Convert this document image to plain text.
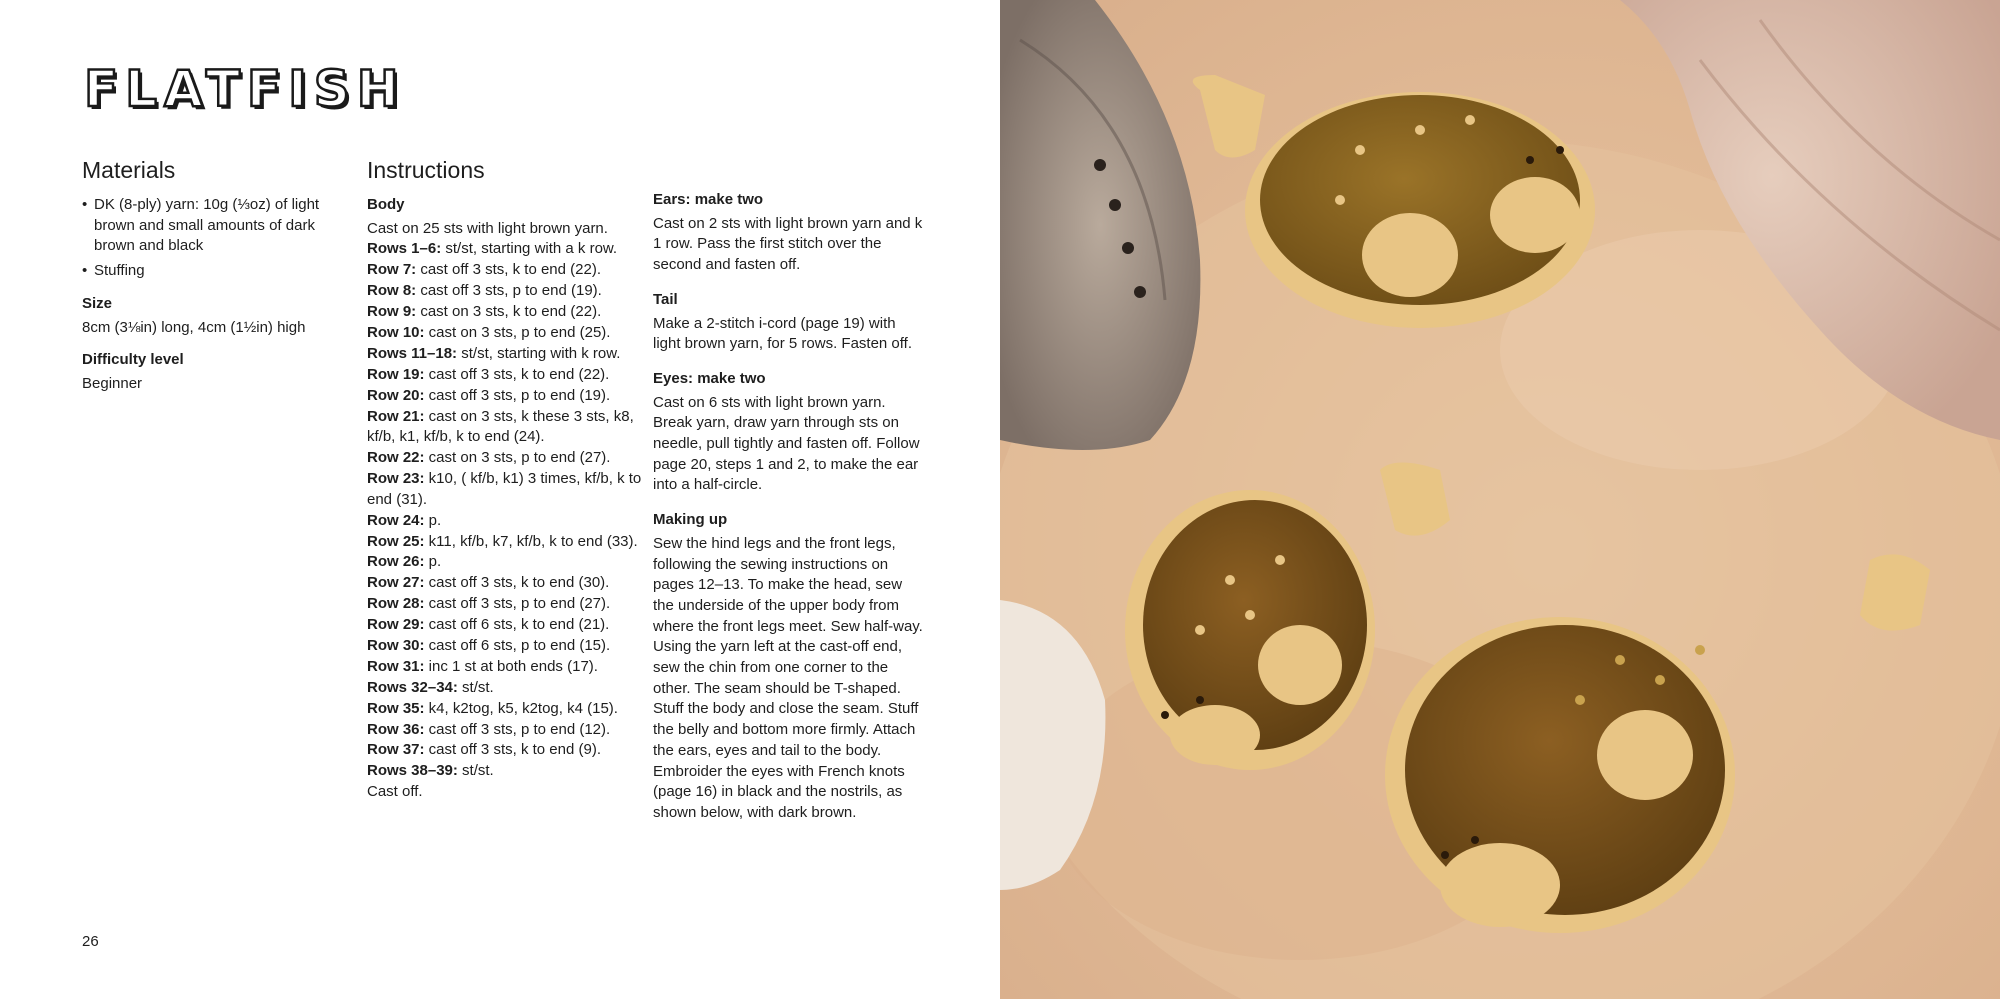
FLATFISH
Materials
• DK (8-ply) yarn: 10g (⅓oz) of light brown and small amounts of dark brown and black
• Stuffing
Size
8cm (3⅛in) long, 4cm (1½in) high
Difficulty level
Beginner
Instructions
Body
Cast on 25 sts with light brown yarn.
Rows 1–6: st/st, starting with a k row.
Row 7: cast off 3 sts, k to end (22).
Row 8: cast off 3 sts, p to end (19).
Row 9: cast on 3 sts, k to end (22).
Row 10: cast on 3 sts, p to end (25).
Rows 11–18: st/st, starting with k row.
Row 19: cast off 3 sts, k to end (22).
Row 20: cast off 3 sts, p to end (19).
Row 21: cast on 3 sts, k these 3 sts, k8, kf/b, k1, kf/b, k to end (24).
Row 22: cast on 3 sts, p to end (27).
Row 23: k10, ( kf/b, k1) 3 times, kf/b, k to end (31).
Row 24: p.
Row 25: k11, kf/b, k7, kf/b, k to end (33).
Row 26: p.
Row 27: cast off 3 sts, k to end (30).
Row 28: cast off 3 sts, p to end (27).
Row 29: cast off 6 sts, k to end (21).
Row 30: cast off 6 sts, p to end (15).
Row 31: inc 1 st at both ends (17).
Rows 32–34: st/st.
Row 35: k4, k2tog, k5, k2tog, k4 (15).
Row 36: cast off 3 sts, p to end (12).
Row 37: cast off 3 sts, k to end (9).
Rows 38–39: st/st.
Cast off.
Ears: make two
Cast on 2 sts with light brown yarn and k 1 row. Pass the first stitch over the second and fasten off.
Tail
Make a 2-stitch i-cord (page 19) with light brown yarn, for 5 rows. Fasten off.
Eyes: make two
Cast on 6 sts with light brown yarn. Break yarn, draw yarn through sts on needle, pull tightly and fasten off. Follow page 20, steps 1 and 2, to make the ear into a half-circle.
Making up
Sew the hind legs and the front legs, following the sewing instructions on pages 12–13. To make the head, sew the underside of the upper body from where the front legs meet. Sew half-way. Using the yarn left at the cast-off end, sew the chin from one corner to the other. The seam should be T-shaped. Stuff the body and close the seam. Stuff the belly and bottom more firmly. Attach the ears, eyes and tail to the body. Embroider the eyes with French knots (page 16) in black and the nostrils, as shown below, with dark brown.
26
